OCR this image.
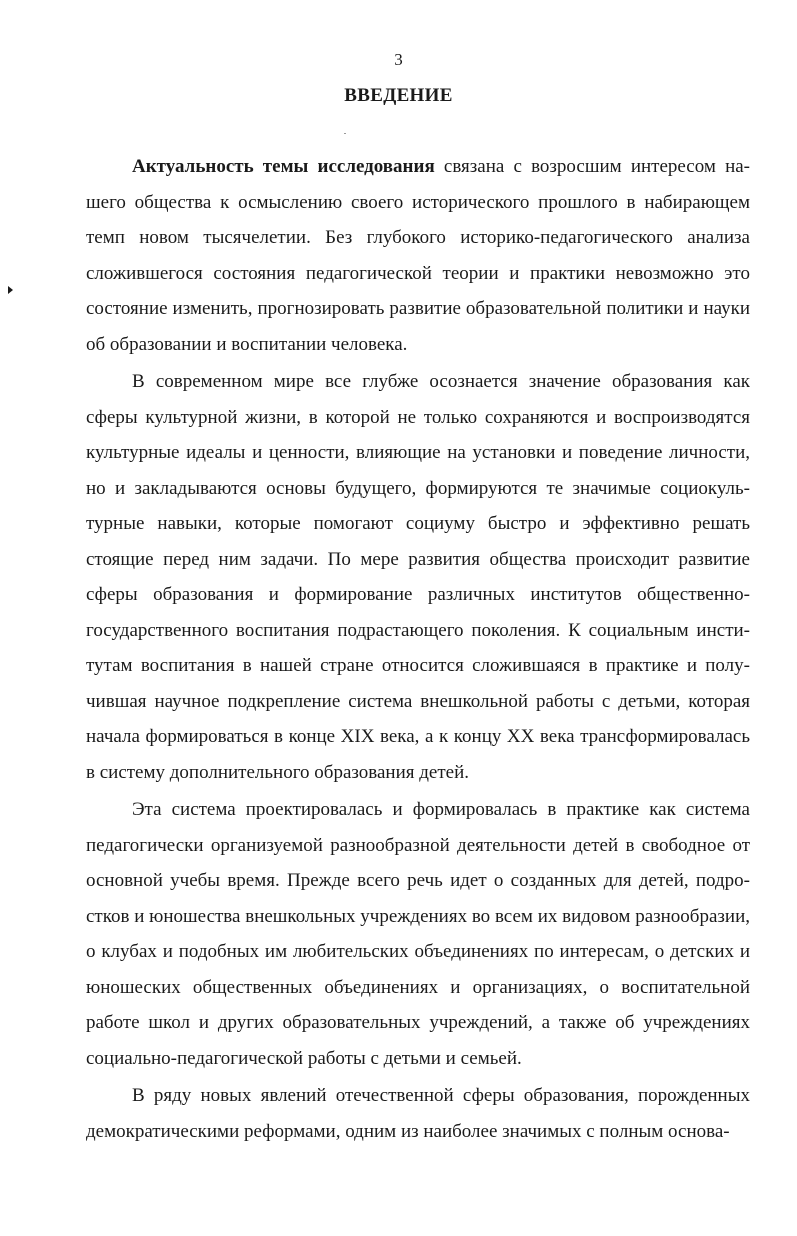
3
ВВЕДЕНИЕ

Актуальность темы исследования связана с возросшим интересом нашего общества к осмыслению своего исторического прошлого в набирающем темп новом тысячелетии. Без глубокого историко-педагогического анализа сложившегося состояния педагогической теории и практики невозможно это состояние изменить, прогнозировать развитие образовательной политики и науки об образовании и воспитании человека.

В современном мире все глубже осознается значение образования как сферы культурной жизни, в которой не только сохраняются и воспроизводятся культурные идеалы и ценности, влияющие на установки и поведение личности, но и закладываются основы будущего, формируются те значимые социокультурные навыки, которые помогают социуму быстро и эффективно решать стоящие перед ним задачи. По мере развития общества происходит развитие сферы образования и формирование различных институтов общественно-государственного воспитания подрастающего поколения. К социальным институтам воспитания в нашей стране относится сложившаяся в практике и получившая научное подкрепление система внешкольной работы с детьми, которая начала формироваться в конце XIX века, а к концу XX века трансформировалась в систему дополнительного образования детей.

Эта система проектировалась и формировалась в практике как система педагогически организуемой разнообразной деятельности детей в свободное от основной учебы время. Прежде всего речь идет о созданных для детей, подростков и юношества внешкольных учреждениях во всем их видовом разнообразии, о клубах и подобных им любительских объединениях по интересам, о детских и юношеских общественных объединениях и организациях, о воспитательной работе школ и других образовательных учреждений, а также об учреждениях социально-педагогической работы с детьми и семьей.

В ряду новых явлений отечественной сферы образования, порожденных демократическими реформами, одним из наиболее значимых с полным основа-
